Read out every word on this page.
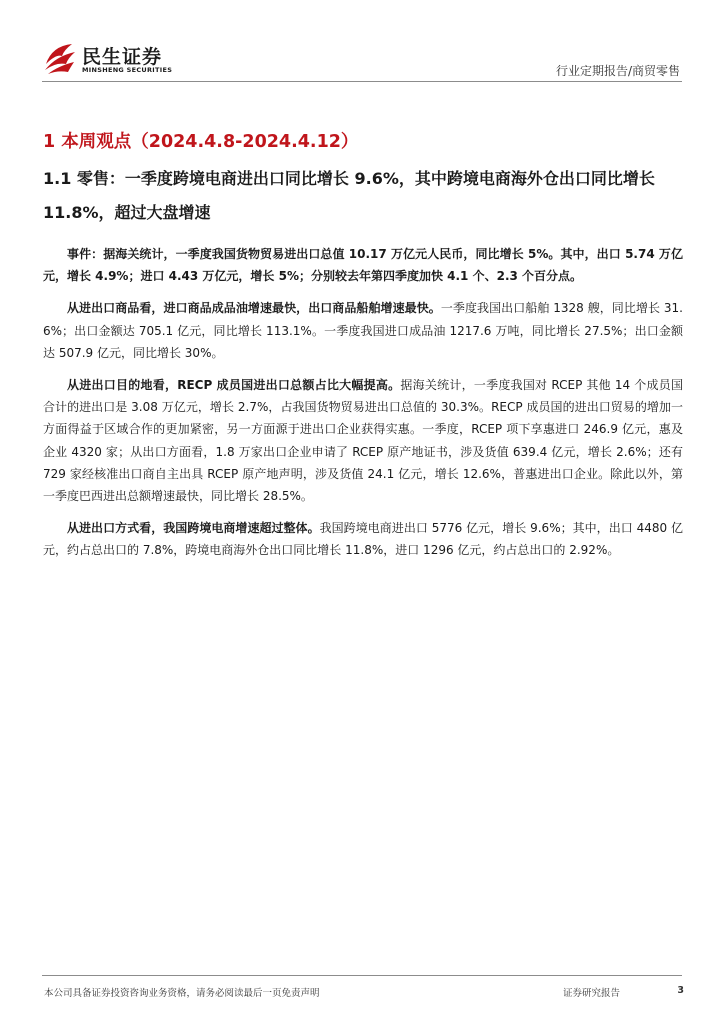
民生证券
MINSHENG SECURITIES	行业定期报告/商贸零售
1 本周观点（2024.4.8-2024.4.12）
1.1 零售：一季度跨境电商进出口同比增长 9.6%，其中跨境电商海外仓出口同比增长 11.8%，超过大盘增速

事件：据海关统计，一季度我国货物贸易进出口总值 10.17 万亿元人民币，同比增长 5%。其中，出口 5.74 万亿元，增长 4.9%；进口 4.43 万亿元，增长 5%；分别较去年第四季度加快 4.1 个、2.3 个百分点。

从进出口商品看，进口商品成品油增速最快，出口商品船舶增速最快。一季度我国出口船舶 1328 艘，同比增长 31.6%；出口金额达 705.1 亿元，同比增长 113.1%。一季度我国进口成品油 1217.6 万吨，同比增长 27.5%；出口金额达 507.9 亿元，同比增长 30%。

从进出口目的地看，RECP 成员国进出口总额占比大幅提高。据海关统计，一季度我国对 RCEP 其他 14 个成员国合计的进出口是 3.08 万亿元，增长 2.7%，占我国货物贸易进出口总值的 30.3%。RECP 成员国的进出口贸易的增加一方面得益于区域合作的更加紧密，另一方面源于进出口企业获得实惠。一季度，RCEP 项下享惠进口 246.9 亿元，惠及企业 4320 家；从出口方面看，1.8 万家出口企业申请了 RCEP 原产地证书，涉及货值 639.4 亿元，增长 2.6%；还有 729 家经核准出口商自主出具 RCEP 原产地声明，涉及货值 24.1 亿元，增长 12.6%，普惠进出口企业。除此以外，第一季度巴西进出总额增速最快，同比增长 28.5%。

从进出口方式看，我国跨境电商增速超过整体。我国跨境电商进出口 5776 亿元，增长 9.6%；其中，出口 4480 亿元，约占总出口的 7.8%，跨境电商海外仓出口同比增长 11.8%，进口 1296 亿元，约占总出口的 2.92%。

本公司具备证券投资咨询业务资格，请务必阅读最后一页免责声明	证券研究报告	3
